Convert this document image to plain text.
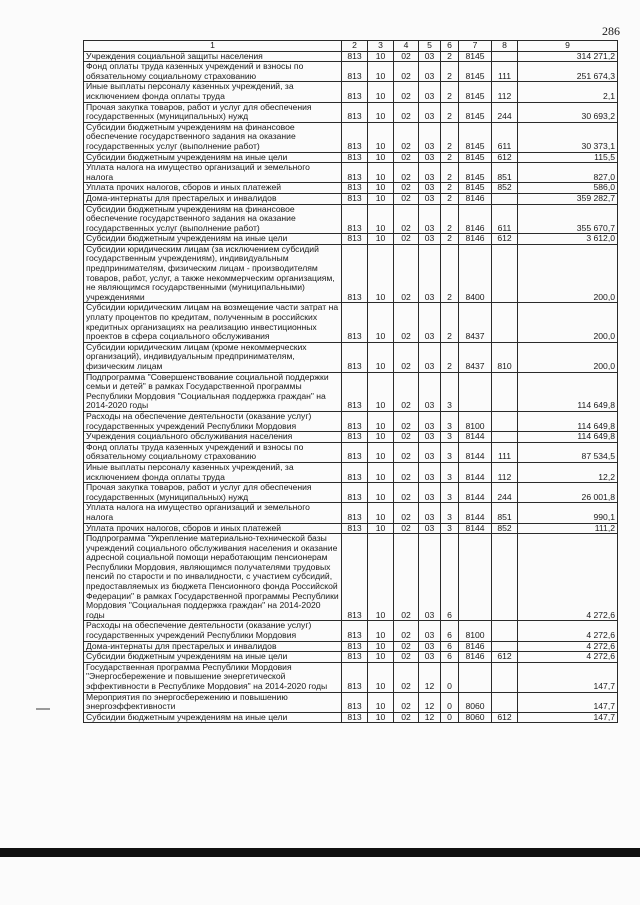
286
1	2	3	4	5	6	7	8	9
Учреждения социальной защиты населения	813	10	02	03	2	8145		314 271,2
Фонд оплаты труда казенных учреждений и взносы по обязательному социальному страхованию	813	10	02	03	2	8145	111	251 674,3
Иные выплаты персоналу казенных учреждений, за исключением фонда оплаты труда	813	10	02	03	2	8145	112	2,1
Прочая закупка товаров, работ и услуг для обеспечения государственных (муниципальных) нужд	813	10	02	03	2	8145	244	30 693,2
Субсидии бюджетным учреждениям на финансовое обеспечение государственного задания на оказание государственных услуг (выполнение работ)	813	10	02	03	2	8145	611	30 373,1
Субсидии бюджетным учреждениям на иные цели	813	10	02	03	2	8145	612	115,5
Уплата налога на имущество организаций и земельного налога	813	10	02	03	2	8145	851	827,0
Уплата прочих налогов, сборов и иных платежей	813	10	02	03	2	8145	852	586,0
Дома-интернаты для престарелых и инвалидов	813	10	02	03	2	8146		359 282,7
Субсидии бюджетным учреждениям на финансовое обеспечение государственного задания на оказание государственных услуг (выполнение работ)	813	10	02	03	2	8146	611	355 670,7
Субсидии бюджетным учреждениям на иные цели	813	10	02	03	2	8146	612	3 612,0
Субсидии юридическим лицам (за исключением субсидий государственным учреждениям), индивидуальным предпринимателям, физическим лицам - производителям товаров, работ, услуг, а также некоммерческим организациям, не являющимся государственными (муниципальными) учреждениями	813	10	02	03	2	8400		200,0
Субсидии юридическим лицам на возмещение части затрат на уплату процентов по кредитам, полученным в российских кредитных организациях на реализацию инвестиционных проектов в сфера социального обслуживания	813	10	02	03	2	8437		200,0
Субсидии юридическим лицам (кроме некоммерческих организаций), индивидуальным предпринимателям, физическим лицам	813	10	02	03	2	8437	810	200,0
Подпрограмма "Совершенствование социальной поддержки семьи и детей" в рамках Государственной программы Республики Мордовия "Социальная поддержка граждан" на 2014-2020 годы	813	10	02	03	3			114 649,8
Расходы на обеспечение деятельности (оказание услуг) государственных учреждений Республики Мордовия	813	10	02	03	3	8100		114 649,8
Учреждения социального обслуживания населения	813	10	02	03	3	8144		114 649,8
Фонд оплаты труда казенных учреждений и взносы по обязательному социальному страхованию	813	10	02	03	3	8144	111	87 534,5
Иные выплаты персоналу казенных учреждений, за исключением фонда оплаты труда	813	10	02	03	3	8144	112	12,2
Прочая закупка товаров, работ и услуг для обеспечения государственных (муниципальных) нужд	813	10	02	03	3	8144	244	26 001,8
Уплата налога на имущество организаций и земельного налога	813	10	02	03	3	8144	851	990,1
Уплата прочих налогов, сборов и иных платежей	813	10	02	03	3	8144	852	111,2
Подпрограмма "Укрепление материально-технической базы учреждений социального обслуживания населения и оказание адресной социальной помощи неработающим пенсионерам Республики Мордовия, являющимся получателями трудовых пенсий по старости и по инвалидности, с участием субсидий, предоставляемых из бюджета Пенсионного фонда Российской Федерации" в рамках Государственной программы Республики Мордовия "Социальная поддержка граждан" на 2014-2020 годы	813	10	02	03	6			4 272,6
Расходы на обеспечение деятельности (оказание услуг) государственных учреждений Республики Мордовия	813	10	02	03	6	8100		4 272,6
Дома-интернаты для престарелых и инвалидов	813	10	02	03	6	8146		4 272,6
Субсидии бюджетным учреждениям на иные цели	813	10	02	03	6	8146	612	4 272,6
Государственная программа Республики Мордовия "Энергосбережение и повышение энергетической эффективности в Республике Мордовия" на 2014-2020 годы	813	10	02	12	0			147,7
Мероприятия по энергосбережению и повышению энергоэффективности	813	10	02	12	0	8060		147,7
Субсидии бюджетным учреждениям на иные цели	813	10	02	12	0	8060	612	147,7
